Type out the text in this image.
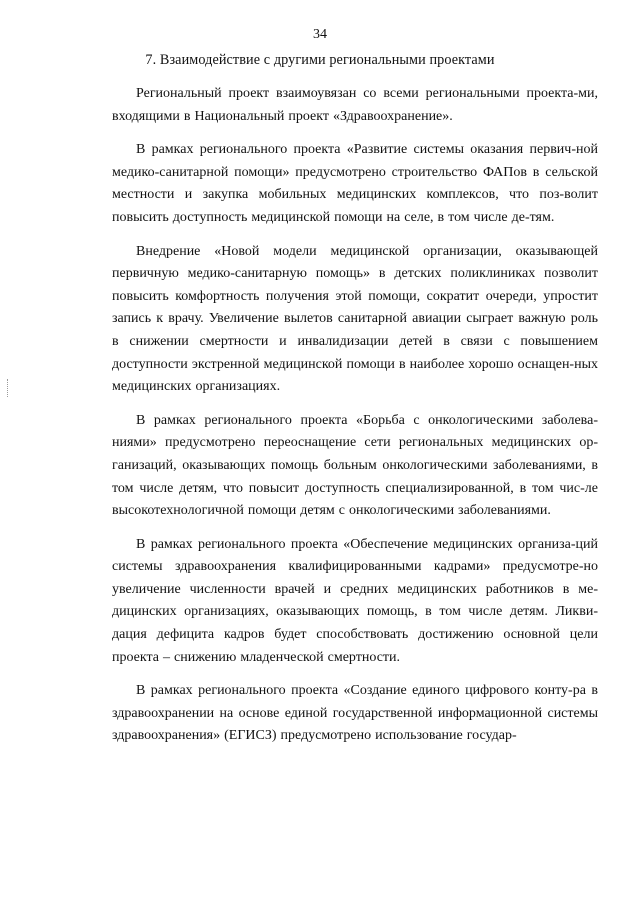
34
7. Взаимодействие с другими региональными проектами

Региональный проект взаимоувязан со всеми региональными проекта-ми, входящими в Национальный проект «Здравоохранение».

В рамках регионального проекта «Развитие системы оказания первич-ной медико-санитарной помощи» предусмотрено строительство ФАПов в сельской местности и закупка мобильных медицинских комплексов, что поз-волит повысить доступность медицинской помощи на селе, в том числе де-тям.

Внедрение «Новой модели медицинской организации, оказывающей первичную медико-санитарную помощь» в детских поликлиниках позволит повысить комфортность получения этой помощи, сократит очереди, упростит запись к врачу. Увеличение вылетов санитарной авиации сыграет важную роль в снижении смертности и инвалидизации детей в связи с повышением доступности экстренной медицинской помощи в наиболее хорошо оснащен-ных медицинских организациях.

В рамках регионального проекта «Борьба с онкологическими заболева-ниями» предусмотрено переоснащение сети региональных медицинских ор-ганизаций, оказывающих помощь больным онкологическими заболеваниями, в том числе детям, что повысит доступность специализированной, в том чис-ле высокотехнологичной помощи детям с онкологическими заболеваниями.

В рамках регионального проекта «Обеспечение медицинских организа-ций системы здравоохранения квалифицированными кадрами» предусмотре-но увеличение численности врачей и средних медицинских работников в ме-дицинских организациях, оказывающих помощь, в том числе детям. Ликви-дация дефицита кадров будет способствовать достижению основной цели проекта – снижению младенческой смертности.

В рамках регионального проекта «Создание единого цифрового конту-ра в здравоохранении на основе единой государственной информационной системы здравоохранения» (ЕГИСЗ) предусмотрено использование государ-
